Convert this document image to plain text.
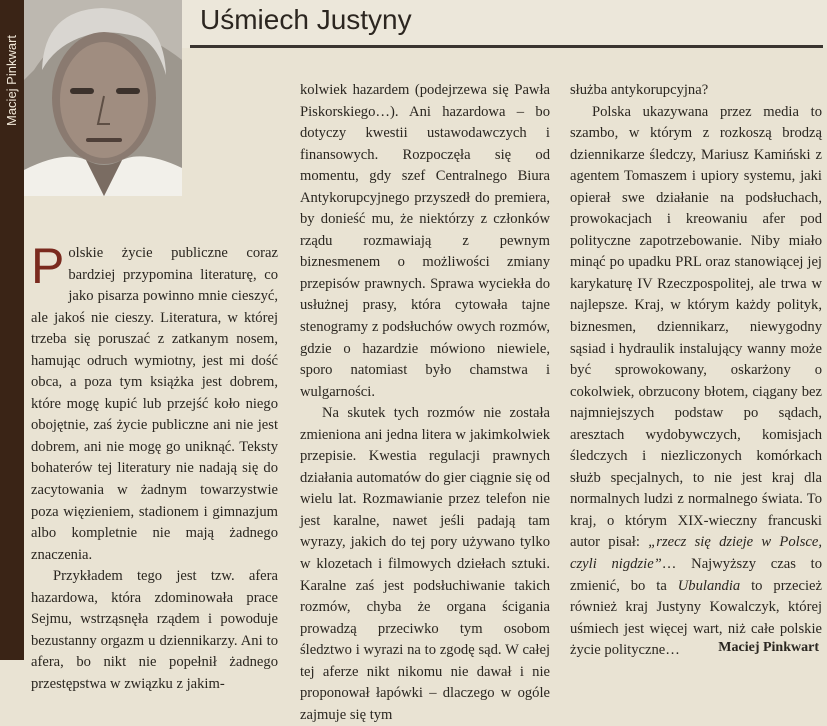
Maciej Pinkwart
Uśmiech Justyny

Polskie życie publiczne coraz bardziej przypomina literaturę, co jako pisarza powinno mnie cieszyć, ale jakoś nie cieszy. Literatura, w której trzeba się poruszać z zatkanym nosem, hamując odruch wymiotny, jest mi dość obca, a poza tym książka jest dobrem, które mogę kupić lub przejść koło niego obojętnie, zaś życie publiczne ani nie jest dobrem, ani nie mogę go uniknąć. Teksty bohaterów tej literatury nie nadają się do zacytowania w żadnym towarzystwie poza więzieniem, stadionem i gimnazjum albo kompletnie nie mają żadnego znaczenia.

Przykładem tego jest tzw. afera hazardowa, która zdominowała prace Sejmu, wstrząsnęła rządem i powoduje bezustanny orgazm u dziennikarzy. Ani to afera, bo nikt nie popełnił żadnego przestępstwa w związku z jakim-

kolwiek hazardem (podejrzewa się Pawła Piskorskiego…). Ani hazardowa – bo dotyczy kwestii ustawodawczych i finansowych. Rozpoczęła się od momentu, gdy szef Centralnego Biura Antykorupcyjnego przyszedł do premiera, by donieść mu, że niektórzy z członków rządu rozmawiają z pewnym biznesmenem o możliwości zmiany przepisów prawnych. Sprawa wyciekła do usłużnej prasy, która cytowała tajne stenogramy z podsłuchów owych rozmów, gdzie o hazardzie mówiono niewiele, sporo natomiast było chamstwa i wulgarności.

Na skutek tych rozmów nie została zmieniona ani jedna litera w jakimkolwiek przepisie. Kwestia regulacji prawnych działania automatów do gier ciągnie się od wielu lat. Rozmawianie przez telefon nie jest karalne, nawet jeśli padają tam wyrazy, jakich do tej pory używano tylko w klozetach i filmowych dziełach sztuki. Karalne zaś jest podsłuchiwanie takich rozmów, chyba że organa ścigania prowadzą przeciwko tym osobom śledztwo i wyrazi na to zgodę sąd. W całej tej aferze nikt nikomu nie dawał i nie proponował łapówki – dlaczego w ogóle zajmuje się tym

służba antykorupcyjna?

Polska ukazywana przez media to szambo, w którym z rozkoszą brodzą dziennikarze śledczy, Mariusz Kamiński z agentem Tomaszem i upiory systemu, jaki opierał swe działanie na podsłuchach, prowokacjach i kreowaniu afer pod polityczne zapotrzebowanie. Niby miało minąć po upadku PRL oraz stanowiącej jej karykaturę IV Rzeczpospolitej, ale trwa w najlepsze. Kraj, w którym każdy polityk, biznesmen, dziennikarz, niewygodny sąsiad i hydraulik instalujący wanny może być sprowokowany, oskarżony o cokolwiek, obrzucony błotem, ciągany bez najmniejszych podstaw po sądach, aresztach wydobywczych, komisjach śledczych i niezliczonych komórkach służb specjalnych, to nie jest kraj dla normalnych ludzi z normalnego świata. To kraj, o którym XIX-wieczny francuski autor pisał: „rzecz się dzieje w Polsce, czyli nigdzie”… Najwyższy czas to zmienić, bo ta Ubulandia to przecież również kraj Justyny Kowalczyk, której uśmiech jest więcej wart, niż całe polskie życie polityczne…	Maciej Pinkwart
